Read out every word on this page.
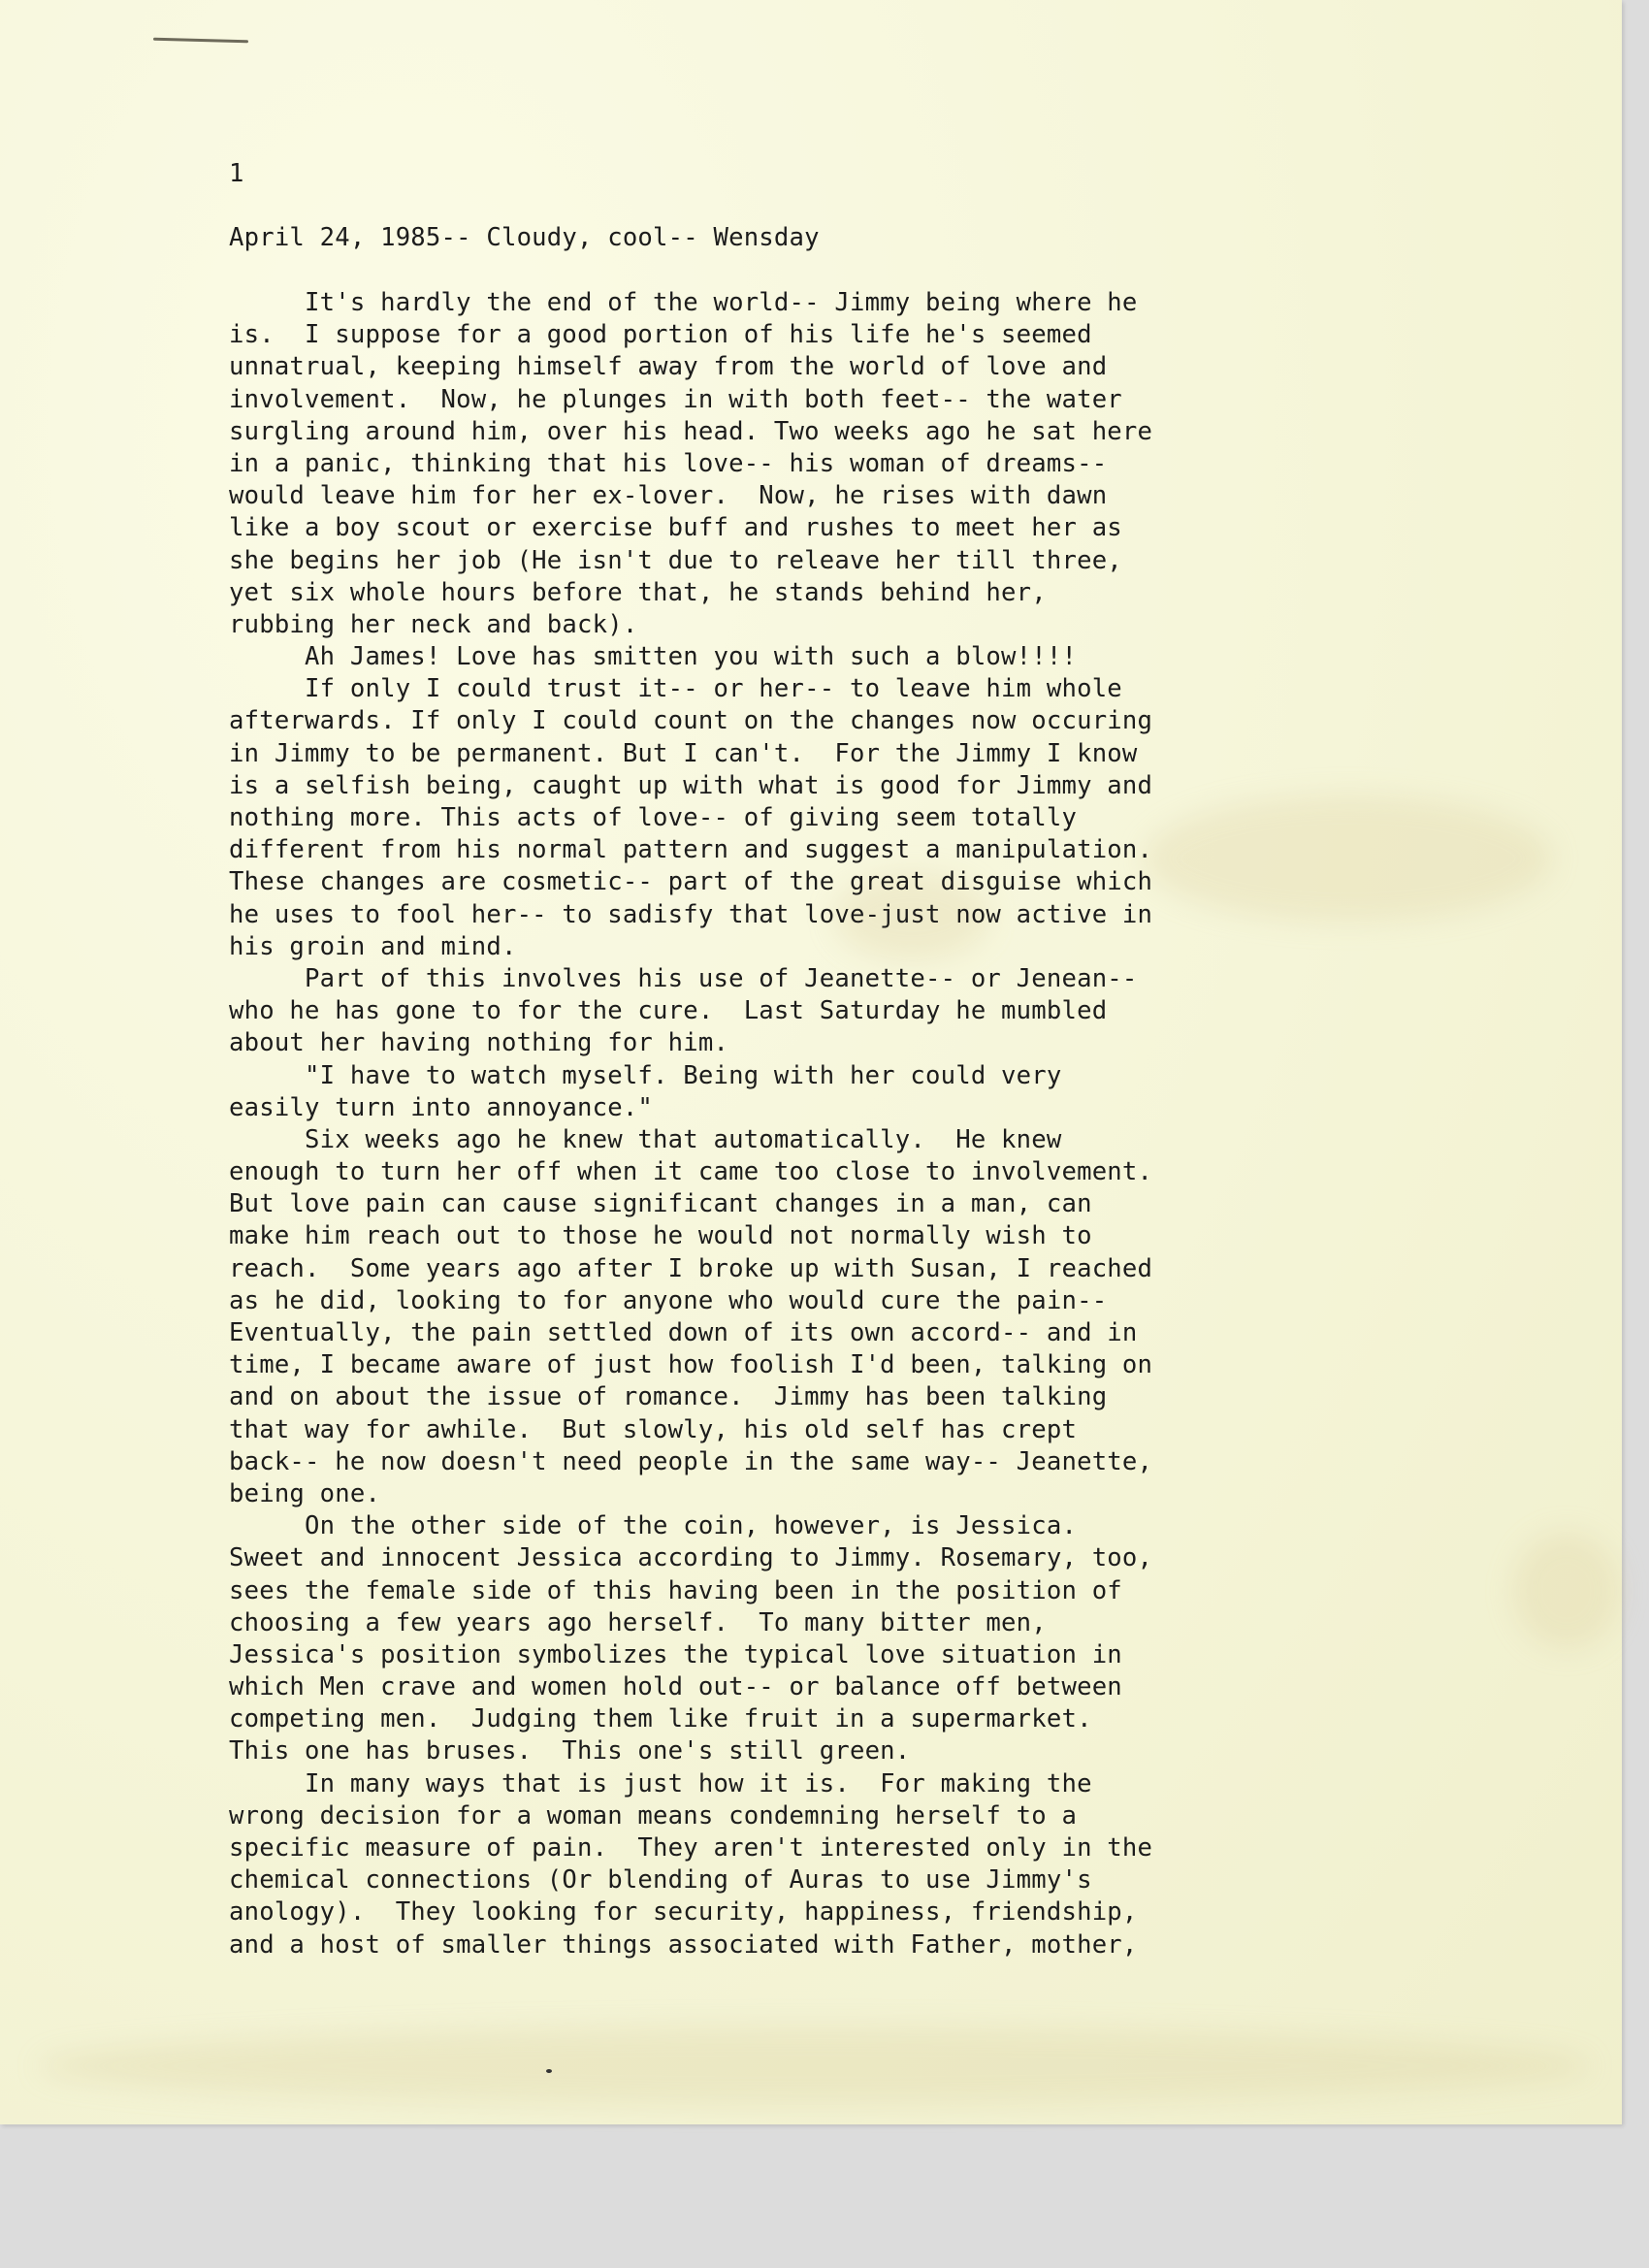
1
April 24, 1985-- Cloudy, cool-- Wensday
It's hardly the end of the world-- Jimmy being where he
is.  I suppose for a good portion of his life he's seemed
unnatrual, keeping himself away from the world of love and
involvement.  Now, he plunges in with both feet-- the water
surgling around him, over his head. Two weeks ago he sat here
in a panic, thinking that his love-- his woman of dreams--
would leave him for her ex-lover.  Now, he rises with dawn
like a boy scout or exercise buff and rushes to meet her as
she begins her job (He isn't due to releave her till three,
yet six whole hours before that, he stands behind her,
rubbing her neck and back).
Ah James! Love has smitten you with such a blow!!!!
If only I could trust it-- or her-- to leave him whole
afterwards. If only I could count on the changes now occuring
in Jimmy to be permanent. But I can't.  For the Jimmy I know
is a selfish being, caught up with what is good for Jimmy and
nothing more. This acts of love-- of giving seem totally
different from his normal pattern and suggest a manipulation.
These changes are cosmetic-- part of the great disguise which
he uses to fool her-- to sadisfy that love-just now active in
his groin and mind.
Part of this involves his use of Jeanette-- or Jenean--
who he has gone to for the cure.  Last Saturday he mumbled
about her having nothing for him.
"I have to watch myself. Being with her could very
easily turn into annoyance."
Six weeks ago he knew that automatically.  He knew
enough to turn her off when it came too close to involvement.
But love pain can cause significant changes in a man, can
make him reach out to those he would not normally wish to
reach.  Some years ago after I broke up with Susan, I reached
as he did, looking to for anyone who would cure the pain--
Eventually, the pain settled down of its own accord-- and in
time, I became aware of just how foolish I'd been, talking on
and on about the issue of romance.  Jimmy has been talking
that way for awhile.  But slowly, his old self has crept
back-- he now doesn't need people in the same way-- Jeanette,
being one.
On the other side of the coin, however, is Jessica.
Sweet and innocent Jessica according to Jimmy. Rosemary, too,
sees the female side of this having been in the position of
choosing a few years ago herself.  To many bitter men,
Jessica's position symbolizes the typical love situation in
which Men crave and women hold out-- or balance off between
competing men.  Judging them like fruit in a supermarket.
This one has bruses.  This one's still green.
In many ways that is just how it is.  For making the
wrong decision for a woman means condemning herself to a
specific measure of pain.  They aren't interested only in the
chemical connections (Or blending of Auras to use Jimmy's
anology).  They looking for security, happiness, friendship,
and a host of smaller things associated with Father, mother,
